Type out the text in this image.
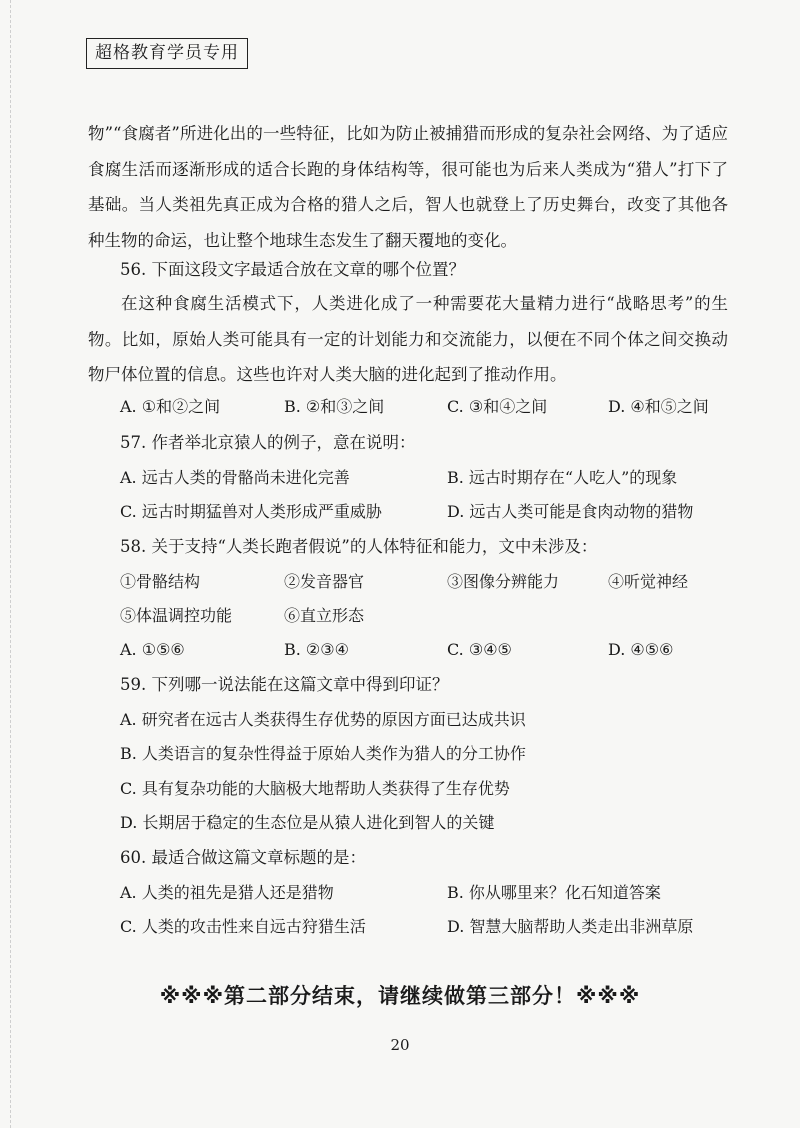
超格教育学员专用

物”“食腐者”所进化出的一些特征，比如为防止被捕猎而形成的复杂社会网络、为了适应食腐生活而逐渐形成的适合长跑的身体结构等，很可能也为后来人类成为“猎人”打下了基础。当人类祖先真正成为合格的猎人之后，智人也就登上了历史舞台，改变了其他各种生物的命运，也让整个地球生态发生了翻天覆地的变化。

56. 下面这段文字最适合放在文章的哪个位置？

在这种食腐生活模式下，人类进化成了一种需要花大量精力进行“战略思考”的生物。比如，原始人类可能具有一定的计划能力和交流能力，以便在不同个体之间交换动物尸体位置的信息。这些也许对人类大脑的进化起到了推动作用。

A. ①和②之间	B. ②和③之间	C. ③和④之间	D. ④和⑤之间
57. 作者举北京猿人的例子，意在说明：
A. 远古人类的骨骼尚未进化完善	B. 远古时期存在“人吃人”的现象
C. 远古时期猛兽对人类形成严重威胁	D. 远古人类可能是食肉动物的猎物
58. 关于支持“人类长跑者假说”的人体特征和能力，文中未涉及：
①骨骼结构	②发音器官	③图像分辨能力	④听觉神经
⑤体温调控功能	⑥直立形态
A. ①⑤⑥	B. ②③④	C. ③④⑤	D. ④⑤⑥
59. 下列哪一说法能在这篇文章中得到印证？
A. 研究者在远古人类获得生存优势的原因方面已达成共识
B. 人类语言的复杂性得益于原始人类作为猎人的分工协作
C. 具有复杂功能的大脑极大地帮助人类获得了生存优势
D. 长期居于稳定的生态位是从猿人进化到智人的关键
60. 最适合做这篇文章标题的是：
A. 人类的祖先是猎人还是猎物	B. 你从哪里来？化石知道答案
C. 人类的攻击性来自远古狩猎生活	D. 智慧大脑帮助人类走出非洲草原
※※※第二部分结束，请继续做第三部分！※※※
20
